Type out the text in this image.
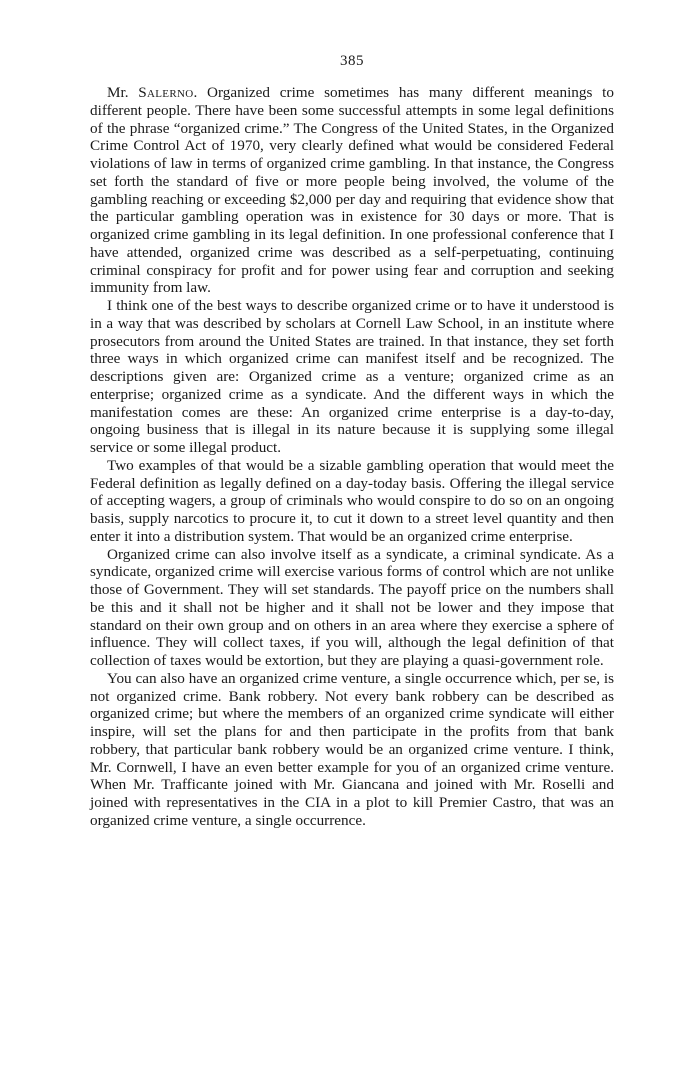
385

Mr. Salerno. Organized crime sometimes has many different meanings to different people. There have been some successful attempts in some legal definitions of the phrase “organized crime.” The Congress of the United States, in the Organized Crime Control Act of 1970, very clearly defined what would be considered Federal violations of law in terms of organized crime gambling. In that instance, the Congress set forth the standard of five or more people being involved, the volume of the gambling reaching or exceeding $2,000 per day and requiring that evidence show that the particular gambling operation was in existence for 30 days or more. That is organized crime gambling in its legal definition. In one professional conference that I have attended, organized crime was described as a self-perpetuating, continuing criminal conspiracy for profit and for power using fear and corruption and seeking immunity from law.

I think one of the best ways to describe organized crime or to have it understood is in a way that was described by scholars at Cornell Law School, in an institute where prosecutors from around the United States are trained. In that instance, they set forth three ways in which organized crime can manifest itself and be recognized. The descriptions given are: Organized crime as a venture; organized crime as an enterprise; organized crime as a syndicate. And the different ways in which the manifestation comes are these: An organized crime enterprise is a day-to-day, ongoing business that is illegal in its nature because it is supplying some illegal service or some illegal product.

Two examples of that would be a sizable gambling operation that would meet the Federal definition as legally defined on a day-today basis. Offering the illegal service of accepting wagers, a group of criminals who would conspire to do so on an ongoing basis, supply narcotics to procure it, to cut it down to a street level quantity and then enter it into a distribution system. That would be an organized crime enterprise.

Organized crime can also involve itself as a syndicate, a criminal syndicate. As a syndicate, organized crime will exercise various forms of control which are not unlike those of Government. They will set standards. The payoff price on the numbers shall be this and it shall not be higher and it shall not be lower and they impose that standard on their own group and on others in an area where they exercise a sphere of influence. They will collect taxes, if you will, although the legal definition of that collection of taxes would be extortion, but they are playing a quasi-government role.

You can also have an organized crime venture, a single occurrence which, per se, is not organized crime. Bank robbery. Not every bank robbery can be described as organized crime; but where the members of an organized crime syndicate will either inspire, will set the plans for and then participate in the profits from that bank robbery, that particular bank robbery would be an organized crime venture. I think, Mr. Cornwell, I have an even better example for you of an organized crime venture. When Mr. Trafficante joined with Mr. Giancana and joined with Mr. Roselli and joined with representatives in the CIA in a plot to kill Premier Castro, that was an organized crime venture, a single occurrence.
